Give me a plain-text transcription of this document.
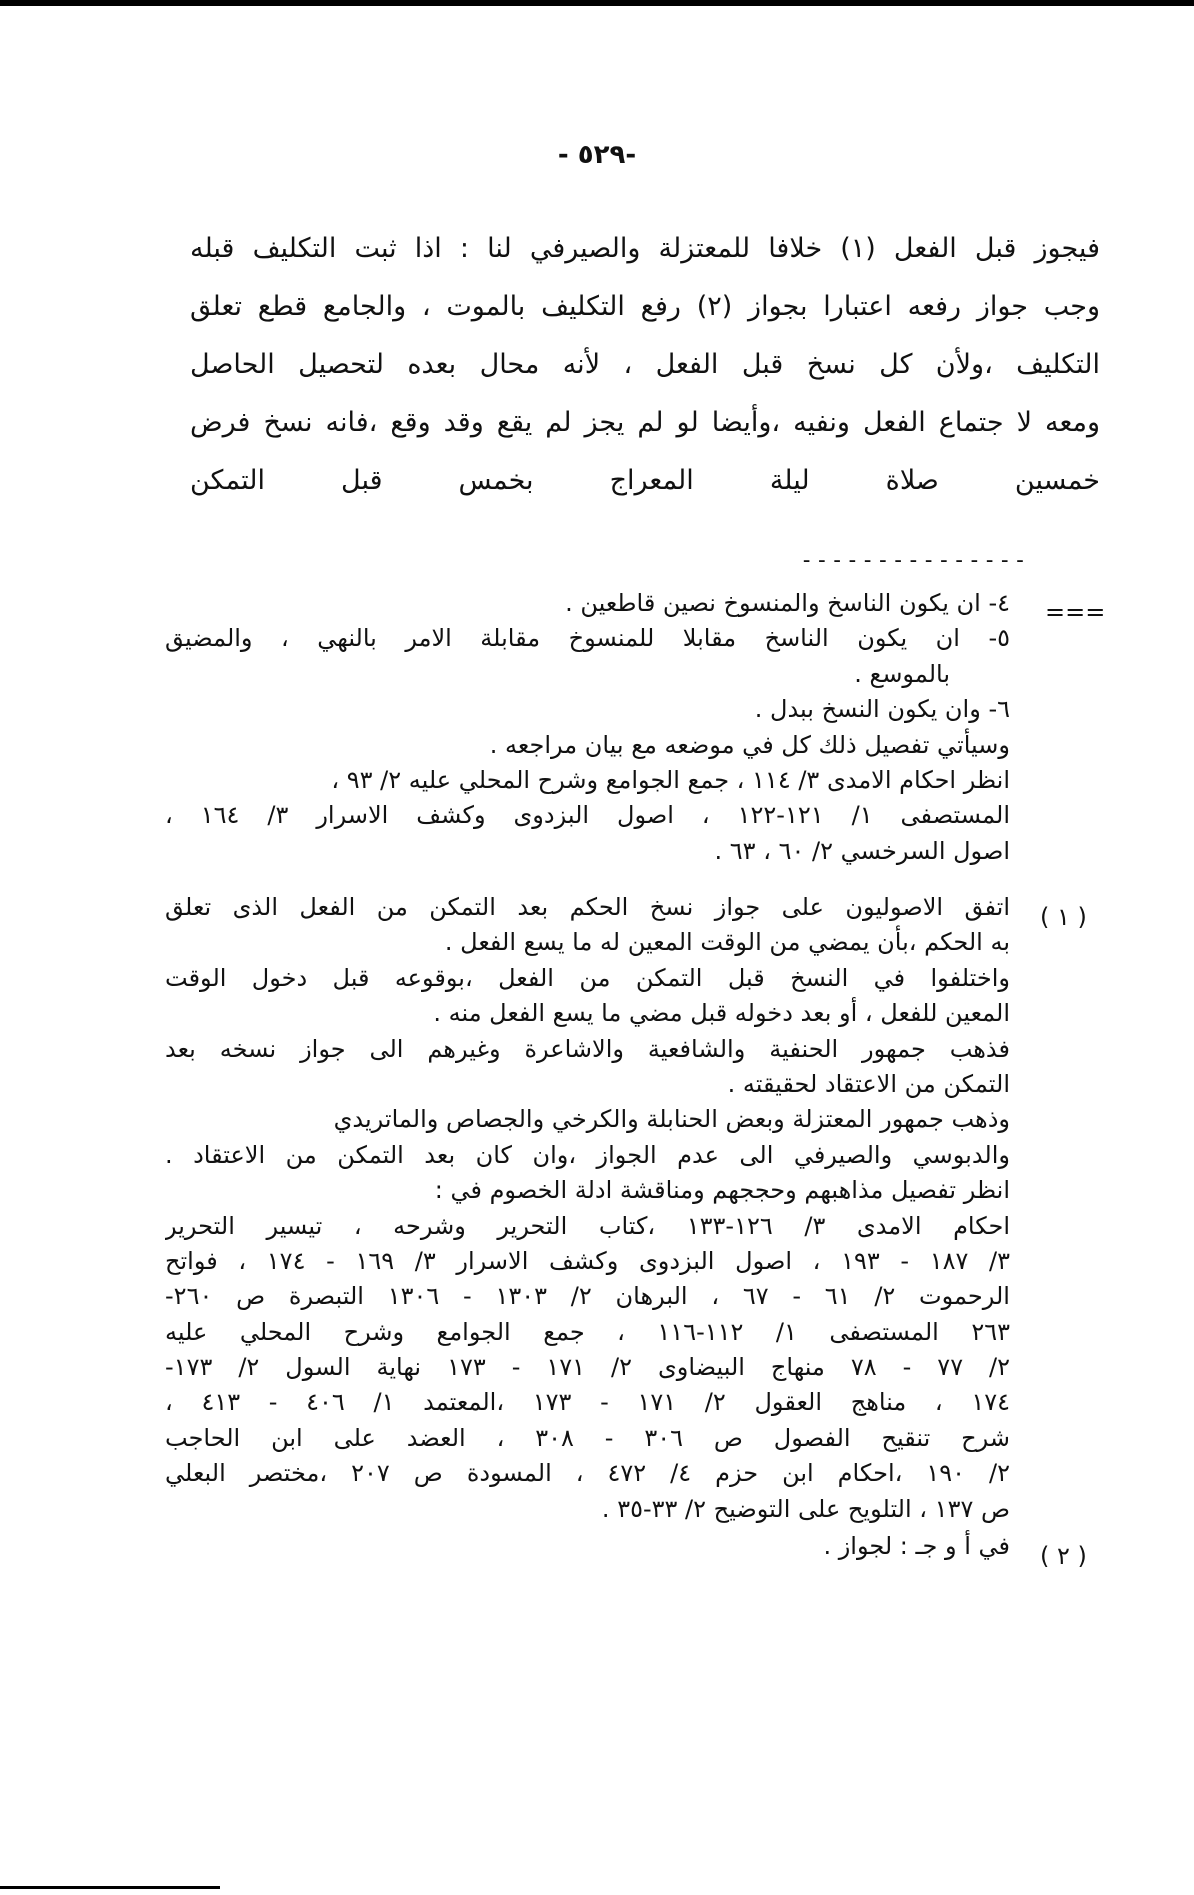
- ٥٢٩-
فيجوز قبل الفعل (١) خلافا للمعتزلة والصيرفي لنا : اذا ثبت التكليف قبله
وجب جواز رفعه اعتبارا بجواز (٢) رفع التكليف بالموت ، والجامع قطع تعلق
التكليف ،ولأن كل نسخ قبل الفعل ، لأنه محال بعده لتحصيل الحاصل
ومعه لا جتماع الفعل ونفيه ،وأيضا لو لم يجز لم يقع وقد وقع ،فانه نسخ فرض
خمسين صلاة ليلة المعراج بخمس قبل التمكن
---------------
===
٤- ان يكون الناسخ والمنسوخ نصين قاطعين .
٥- ان يكون الناسخ مقابلا للمنسوخ مقابلة الامر بالنهي ، والمضيق
بالموسع .
٦- وان يكون النسخ ببدل .
وسيأتي تفصيل ذلك كل في موضعه مع بيان مراجعه .
انظر احكام الامدى ٣/ ١١٤ ، جمع الجوامع وشرح المحلي عليه ٢/ ٩٣ ،
المستصفى ١/ ١٢١-١٢٢ ، اصول البزدوى وكشف الاسرار ٣/ ١٦٤ ،
اصول السرخسي ٢/ ٦٠ ، ٦٣ .
( ١ )
اتفق الاصوليون على جواز نسخ الحكم بعد التمكن من الفعل الذى تعلق
به الحكم ،بأن يمضي من الوقت المعين له ما يسع الفعل .
واختلفوا في النسخ قبل التمكن من الفعل ،بوقوعه قبل دخول الوقت
المعين للفعل ، أو بعد دخوله قبل مضي ما يسع الفعل منه .
فذهب جمهور الحنفية والشافعية والاشاعرة وغيرهم الى جواز نسخه بعد
التمكن من الاعتقاد لحقيقته .
وذهب جمهور المعتزلة وبعض الحنابلة والكرخي والجصاص والماتريدي
والدبوسي والصيرفي الى عدم الجواز ،وان كان بعد التمكن من الاعتقاد .
انظر تفصيل مذاهبهم وحججهم ومناقشة ادلة الخصوم في :
احكام الامدى ٣/ ١٢٦-١٣٣ ،كتاب التحرير وشرحه ، تيسير التحرير
٣/ ١٨٧ - ١٩٣ ، اصول البزدوى وكشف الاسرار ٣/ ١٦٩ - ١٧٤ ، فواتح
الرحموت ٢/ ٦١ - ٦٧ ، البرهان ٢/ ١٣٠٣ - ١٣٠٦ التبصرة ص ٢٦٠-
٢٦٣ المستصفى ١/ ١١٢-١١٦ ، جمع الجوامع وشرح المحلي عليه
٢/ ٧٧ - ٧٨ منهاج البيضاوى ٢/ ١٧١ - ١٧٣ نهاية السول ٢/ ١٧٣-
١٧٤ ، مناهج العقول ٢/ ١٧١ - ١٧٣ ،المعتمد ١/ ٤٠٦ - ٤١٣ ،
شرح تنقيح الفصول ص ٣٠٦ - ٣٠٨ ، العضد على ابن الحاجب
٢/ ١٩٠ ،احكام ابن حزم ٤/ ٤٧٢ ، المسودة ص ٢٠٧ ،مختصر البعلي
ص ١٣٧ ، التلويح على التوضيح ٢/ ٣٣-٣٥ .
( ٢ )
في أ و جـ : لجواز .
